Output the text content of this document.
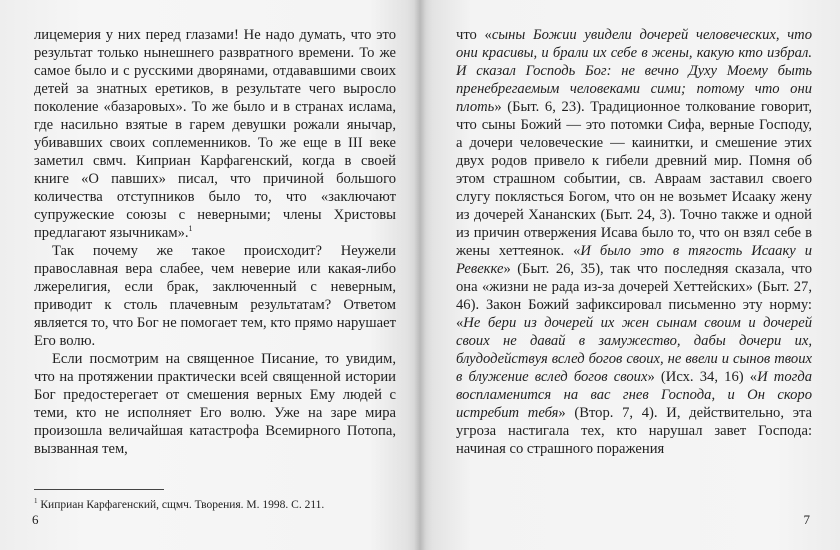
лицемерия у них перед глазами! Не надо думать, что это результат только нынешнего развратного времени. То же самое было и с русскими дворянами, отдававшими своих детей за знатных еретиков, в результате чего выросло поколение «базаровых». То же было и в странах ислама, где насильно взятые в гарем девушки рожали янычар, убивавших своих соплеменников. То же еще в III веке заметил свмч. Киприан Карфагенский, когда в своей книге «О павших» писал, что причиной большого количества отступников было то, что «заключают супружеские союзы с неверными; члены Христовы предлагают язычникам».$^1$

Так почему же такое происходит? Неужели православная вера слабее, чем неверие или какая-либо лжерелигия, если брак, заключенный с неверным, приводит к столь плачевным результатам? Ответом является то, что Бог не помогает тем, кто прямо нарушает Его волю.

Если посмотрим на священное Писание, то увидим, что на протяжении практически всей священной истории Бог предостерегает от смешения верных Ему людей с теми, кто не исполняет Его волю. Уже на заре мира произошла величайшая катастрофа Всемирного Потопа, вызванная тем,

$^1$ Киприан Карфагенский, сщмч. Творения. М. 1998. С. 211.
6

что «сыны Божии увидели дочерей человеческих, что они красивы, и брали их себе в жены, какую кто избрал. И сказал Господь Бог: не вечно Духу Моему быть пренебрегаемым человеками сими; потому что они плоть» (Быт. 6, 23). Традиционное толкование говорит, что сыны Божий — это потомки Сифа, верные Господу, а дочери человеческие — каинитки, и смешение этих двух родов привело к гибели древний мир. Помня об этом страшном событии, св. Авраам заставил своего слугу поклясться Богом, что он не возьмет Исааку жену из дочерей Хананских (Быт. 24, 3). Точно также и одной из причин отвержения Исава было то, что он взял себе в жены хеттеянок. «И было это в тягость Исааку и Ревекке» (Быт. 26, 35), так что последняя сказала, что она «жизни не рада из-за дочерей Хеттейских» (Быт. 27, 46). Закон Божий зафиксировал письменно эту норму: «Не бери из дочерей их жен сынам своим и дочерей своих не давай в замужество, дабы дочери их, блудодействуя вслед богов своих, не ввели и сынов твоих в блужение вслед богов своих» (Исх. 34, 16) «И тогда воспламенится на вас гнев Господа, и Он скоро истребит тебя» (Втор. 7, 4). И, действительно, эта угроза настигала тех, кто нарушал завет Господа: начиная со страшного поражения

7
